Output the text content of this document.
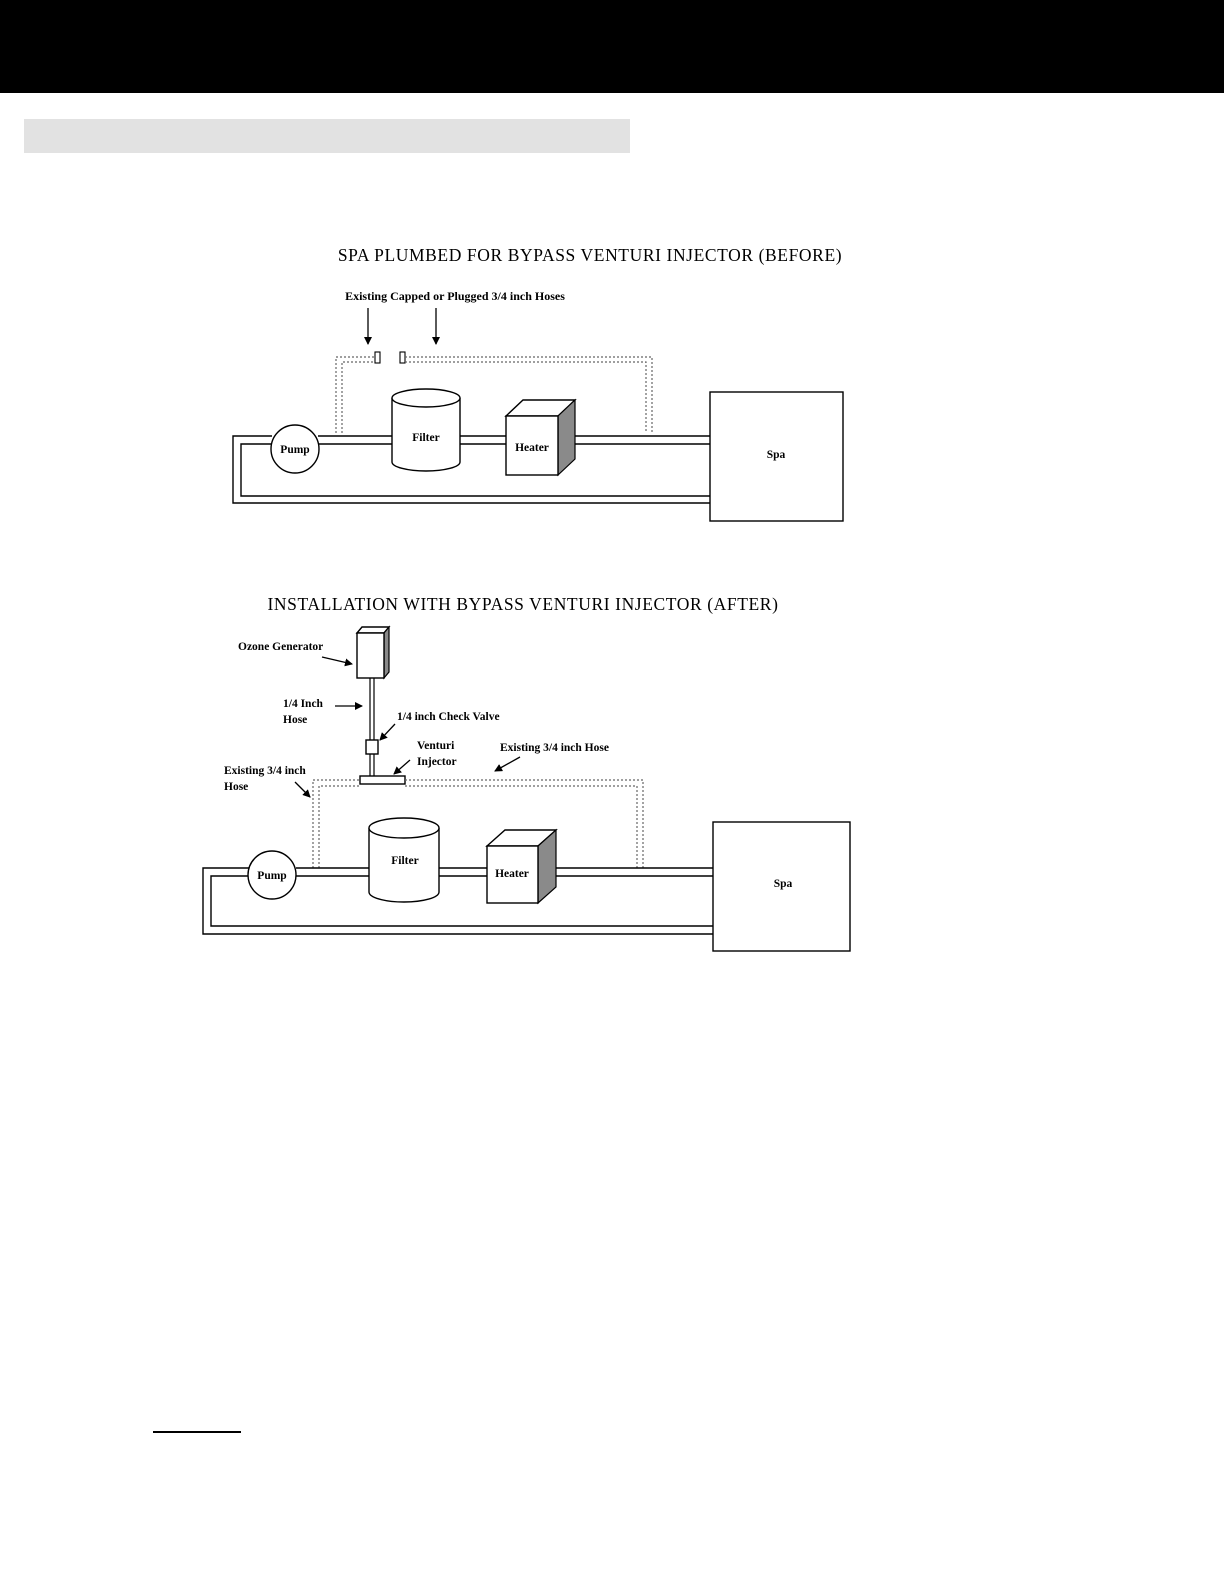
SPA PLUMBED FOR BYPASS VENTURI INJECTOR (BEFORE)
Existing Capped or Plugged 3/4 inch Hoses
Pump
Filter
Heater
Spa
INSTALLATION WITH BYPASS VENTURI INJECTOR (AFTER)
Ozone Generator
1/4 Inch
Hose	1/4 inch Check Valve
Venturi
Injector
Existing 3/4 inch Hose
Existing 3/4 inch
Hose
Pump
Filter
Heater
Spa
